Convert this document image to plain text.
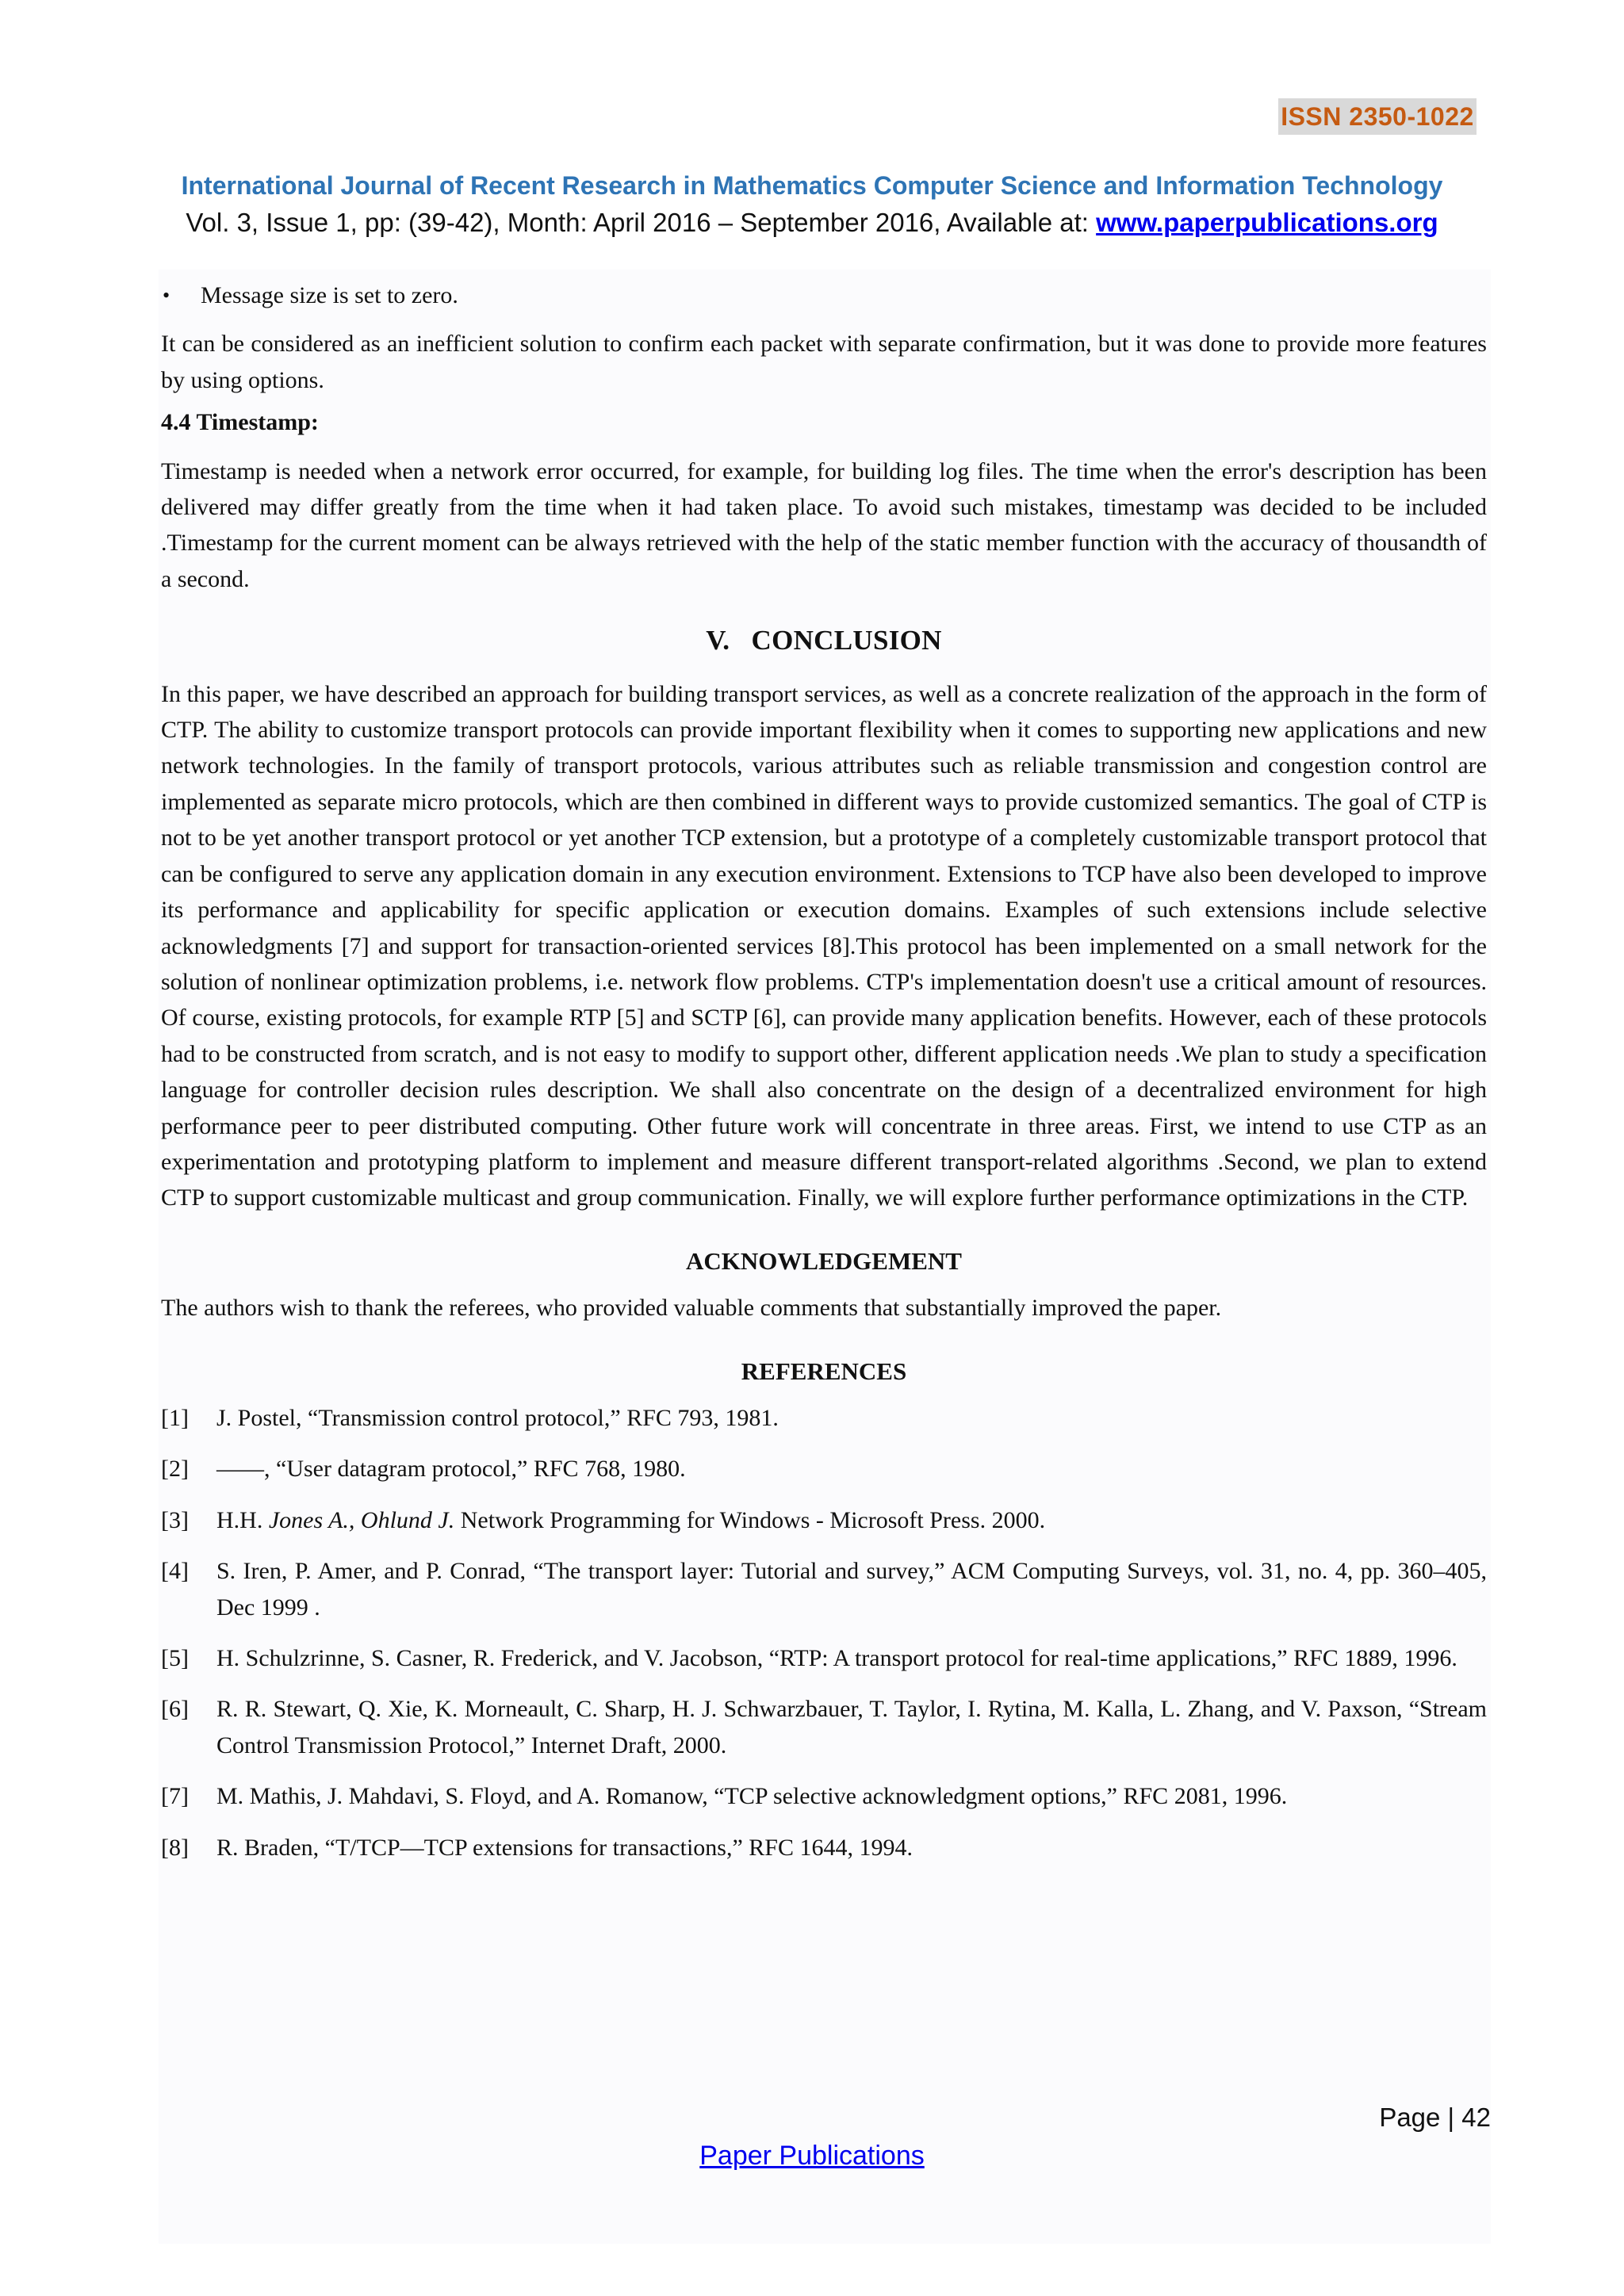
ISSN 2350-1022
International Journal of Recent Research in Mathematics Computer Science and Information Technology
Vol. 3, Issue 1, pp: (39-42), Month: April 2016 – September 2016, Available at: www.paperpublications.org
•	Message size is set to zero.

It can be considered as an inefficient solution to confirm each packet with separate confirmation, but it was done to provide more features by using options.

4.4 Timestamp:

Timestamp is needed when a network error occurred, for example, for building log files. The time when the error's description has been delivered may differ greatly from the time when it had taken place. To avoid such mistakes, timestamp was decided to be included .Timestamp for the current moment can be always retrieved with the help of the static member function with the accuracy of thousandth of a second.

V.   CONCLUSION

In this paper, we have described an approach for building transport services, as well as a concrete realization of the approach in the form of CTP. The ability to customize transport protocols can provide important flexibility when it comes to supporting new applications and new network technologies. In the family of transport protocols, various attributes such as reliable transmission and congestion control are implemented as separate micro protocols, which are then combined in different ways to provide customized semantics. The goal of CTP is not to be yet another transport protocol or yet another TCP extension, but a prototype of a completely customizable transport protocol that can be configured to serve any application domain in any execution environment. Extensions to TCP have also been developed to improve its performance and applicability for specific application or execution domains. Examples of such extensions include selective acknowledgments [7] and support for transaction-oriented services [8].This protocol has been implemented on a small network for the solution of nonlinear optimization problems, i.e. network flow problems. CTP's implementation doesn't use a critical amount of resources. Of course, existing protocols, for example RTP [5] and SCTP [6], can provide many application benefits. However, each of these protocols had to be constructed from scratch, and is not easy to modify to support other, different application needs .We plan to study a specification language for controller decision rules description. We shall also concentrate on the design of a decentralized environment for high performance peer to peer distributed computing. Other future work will concentrate in three areas. First, we intend to use CTP as an experimentation and prototyping platform to implement and measure different transport-related algorithms .Second, we plan to extend CTP to support customizable multicast and group communication. Finally, we will explore further performance optimizations in the CTP.

ACKNOWLEDGEMENT

The authors wish to thank the referees, who provided valuable comments that substantially improved the paper.

REFERENCES
[1]	J. Postel, “Transmission control protocol,” RFC 793, 1981.
[2]	——, “User datagram protocol,” RFC 768, 1980.
[3]	H.H. Jones A., Ohlund J. Network Programming for Windows - Microsoft Press. 2000.
[4]	S. Iren, P. Amer, and P. Conrad, “The transport layer: Tutorial and survey,” ACM Computing Surveys, vol. 31, no. 4, pp. 360–405, Dec 1999 .
[5]	H. Schulzrinne, S. Casner, R. Frederick, and V. Jacobson, “RTP: A transport protocol for real-time applications,” RFC 1889, 1996.
[6]	R. R. Stewart, Q. Xie, K. Morneault, C. Sharp, H. J. Schwarzbauer, T. Taylor, I. Rytina, M. Kalla, L. Zhang, and V. Paxson, “Stream Control Transmission Protocol,” Internet Draft, 2000.
[7]	M. Mathis, J. Mahdavi, S. Floyd, and A. Romanow, “TCP selective acknowledgment options,” RFC 2081, 1996.
[8]	R. Braden, “T/TCP—TCP extensions for transactions,” RFC 1644, 1994.
Page | 42
Paper Publications
